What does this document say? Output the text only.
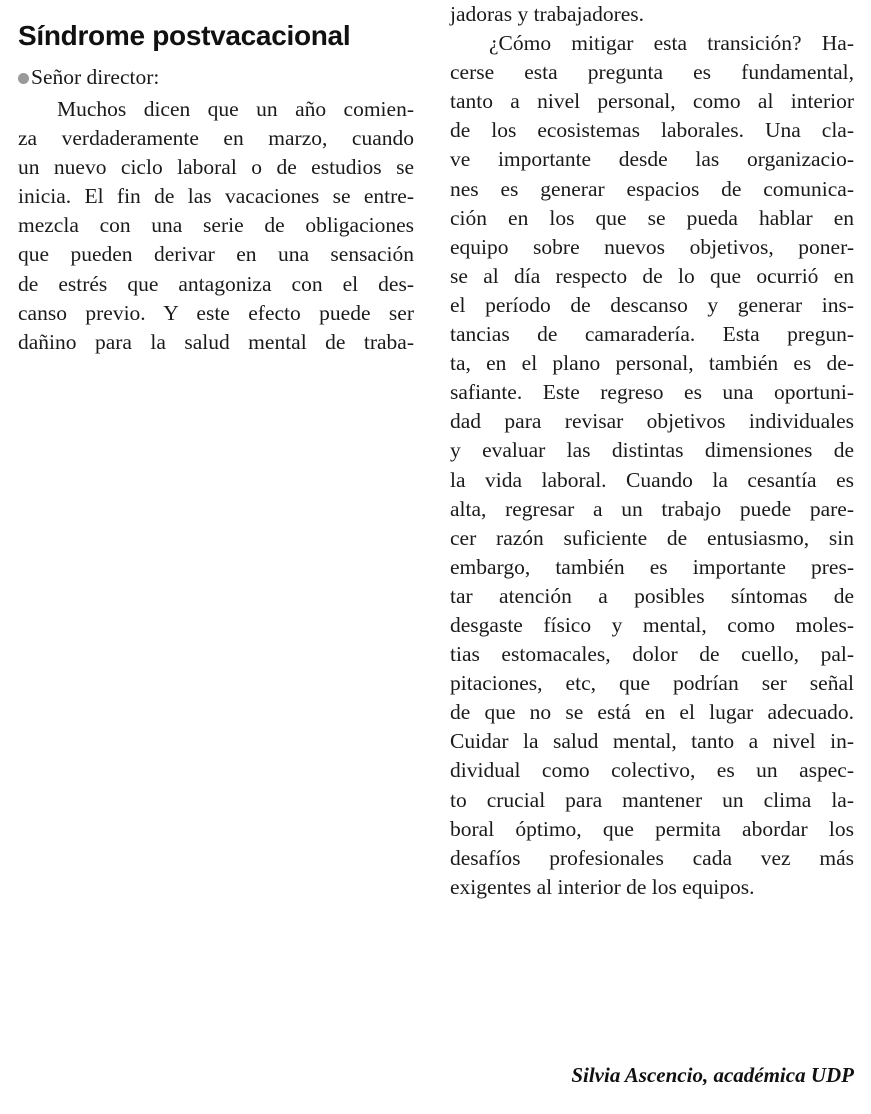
Síndrome postvacacional
Señor director:
Muchos dicen que un año comien-
za verdaderamente en marzo, cuando
un nuevo ciclo laboral o de estudios se
inicia. El fin de las vacaciones se entre-
mezcla con una serie de obligaciones
que pueden derivar en una sensación
de estrés que antagoniza con el des-
canso previo. Y este efecto puede ser
dañino para la salud mental de traba-
jadoras y trabajadores.
¿Cómo mitigar esta transición? Ha-
cerse esta pregunta es fundamental,
tanto a nivel personal, como al interior
de los ecosistemas laborales. Una cla-
ve importante desde las organizacio-
nes es generar espacios de comunica-
ción en los que se pueda hablar en
equipo sobre nuevos objetivos, poner-
se al día respecto de lo que ocurrió en
el período de descanso y generar ins-
tancias de camaradería. Esta pregun-
ta, en el plano personal, también es de-
safiante. Este regreso es una oportuni-
dad para revisar objetivos individuales
y evaluar las distintas dimensiones de
la vida laboral. Cuando la cesantía es
alta, regresar a un trabajo puede pare-
cer razón suficiente de entusiasmo, sin
embargo, también es importante pres-
tar atención a posibles síntomas de
desgaste físico y mental, como moles-
tias estomacales, dolor de cuello, pal-
pitaciones, etc, que podrían ser señal
de que no se está en el lugar adecuado.
Cuidar la salud mental, tanto a nivel in-
dividual como colectivo, es un aspec-
to crucial para mantener un clima la-
boral óptimo, que permita abordar los
desafíos profesionales cada vez más
exigentes al interior de los equipos.
Silvia Ascencio, académica UDP
